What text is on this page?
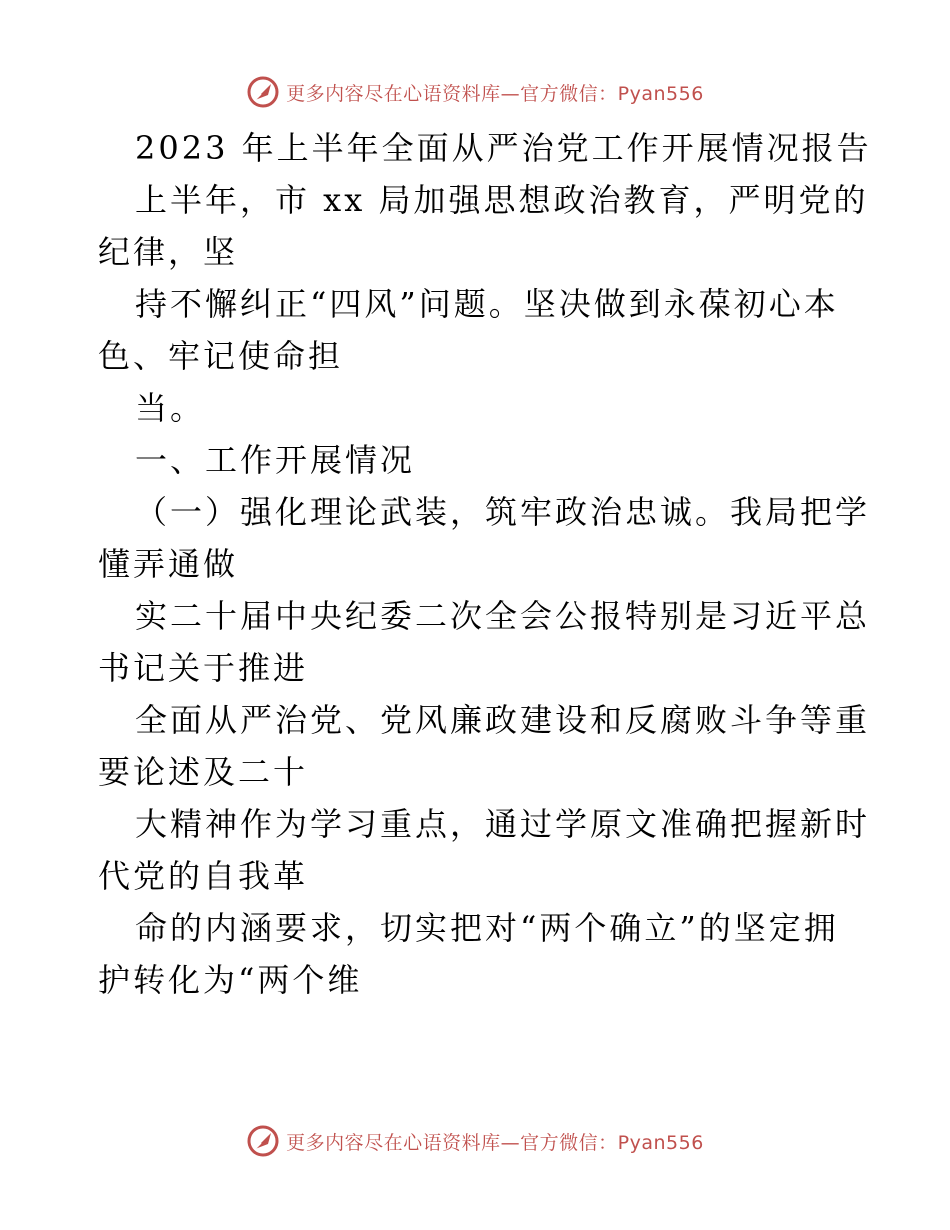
更多内容尽在心语资料库—官方微信：Pyan556
2023 年上半年全面从严治党工作开展情况报告
上半年，市 xx 局加强思想政治教育，严明党的
纪律，坚
持不懈纠正“四风”问题。坚决做到永葆初心本
色、牢记使命担
当。
一、工作开展情况
（一）强化理论武装，筑牢政治忠诚。我局把学
懂弄通做
实二十届中央纪委二次全会公报特别是习近平总
书记关于推进
全面从严治党、党风廉政建设和反腐败斗争等重
要论述及二十
大精神作为学习重点，通过学原文准确把握新时
代党的自我革
命的内涵要求，切实把对“两个确立”的坚定拥
护转化为“两个维
更多内容尽在心语资料库—官方微信：Pyan556
